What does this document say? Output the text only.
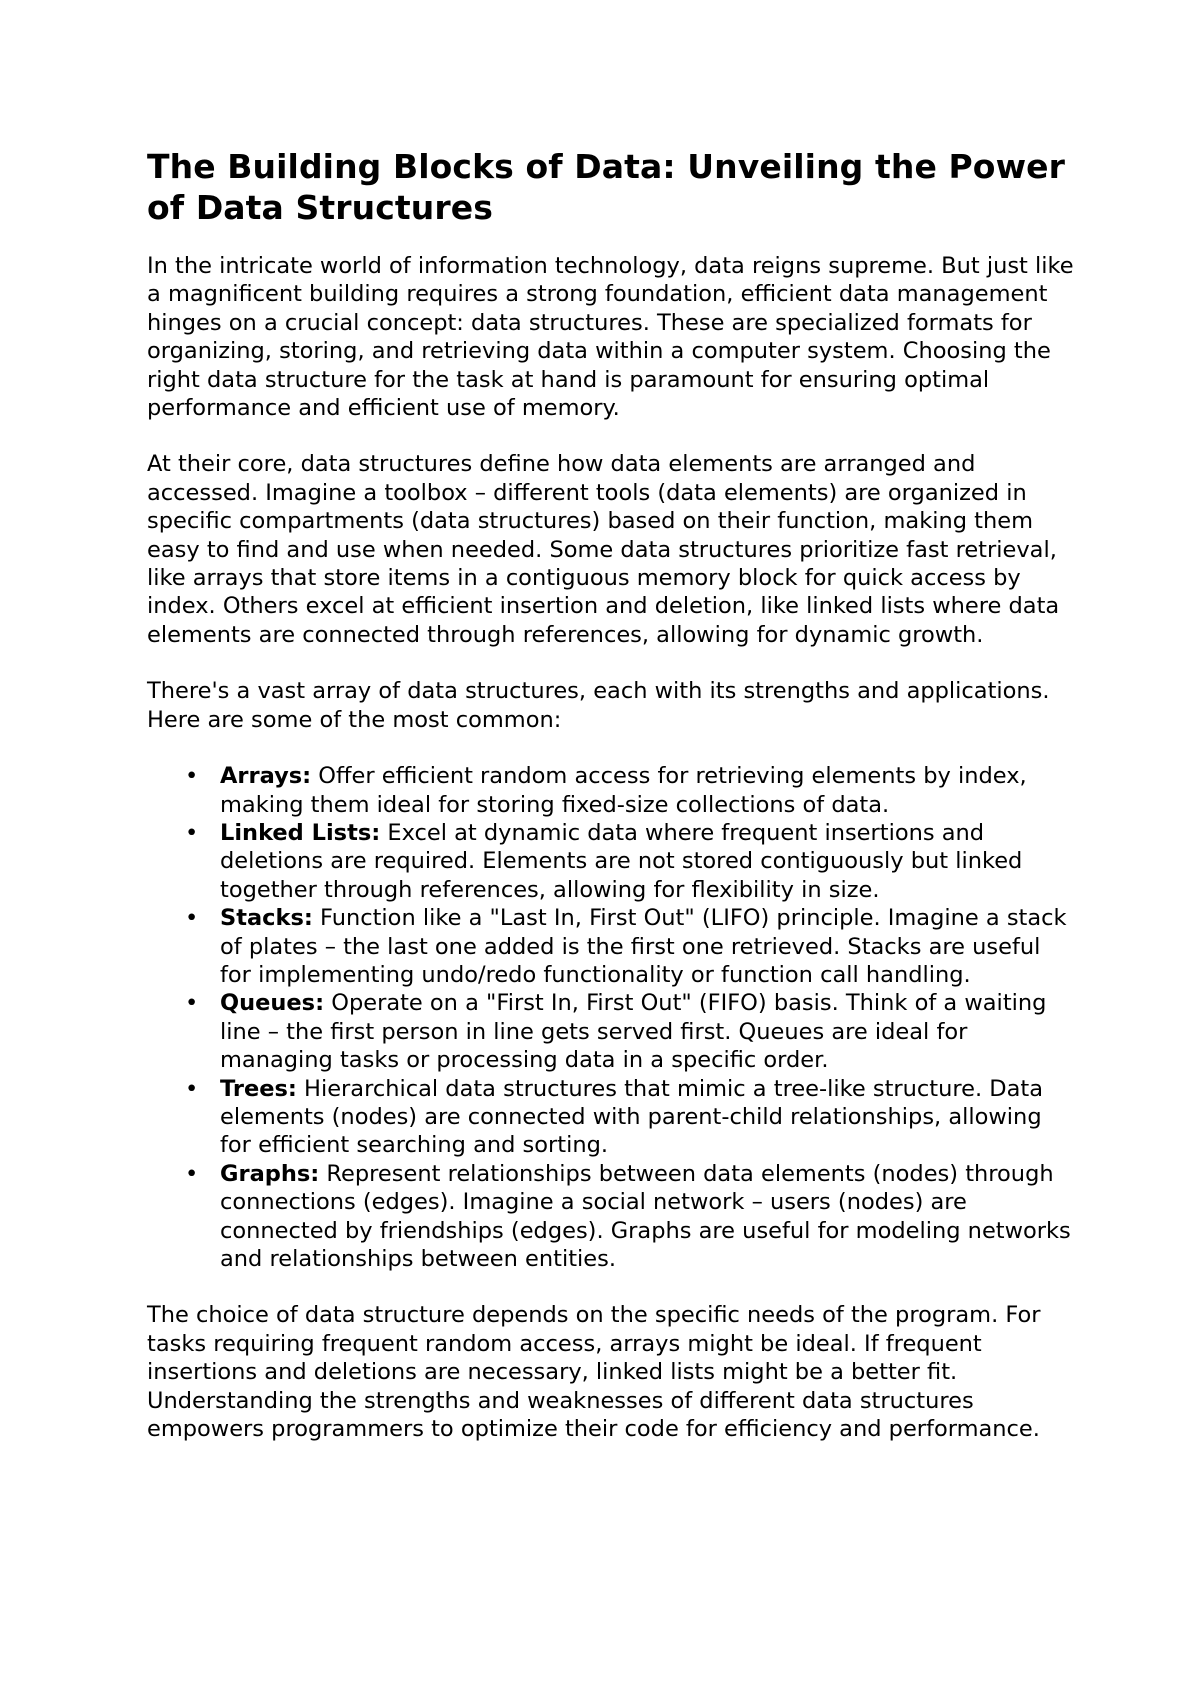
The Building Blocks of Data: Unveiling the Power of Data Structures

In the intricate world of information technology, data reigns supreme. But just like a magnificent building requires a strong foundation, efficient data management hinges on a crucial concept: data structures. These are specialized formats for organizing, storing, and retrieving data within a computer system. Choosing the right data structure for the task at hand is paramount for ensuring optimal performance and efficient use of memory.

At their core, data structures define how data elements are arranged and accessed. Imagine a toolbox – different tools (data elements) are organized in specific compartments (data structures) based on their function, making them easy to find and use when needed. Some data structures prioritize fast retrieval, like arrays that store items in a contiguous memory block for quick access by index. Others excel at efficient insertion and deletion, like linked lists where data elements are connected through references, allowing for dynamic growth.

There's a vast array of data structures, each with its strengths and applications. Here are some of the most common:

• Arrays: Offer efficient random access for retrieving elements by index, making them ideal for storing fixed-size collections of data.
• Linked Lists: Excel at dynamic data where frequent insertions and deletions are required. Elements are not stored contiguously but linked together through references, allowing for flexibility in size.
• Stacks: Function like a "Last In, First Out" (LIFO) principle. Imagine a stack of plates – the last one added is the first one retrieved. Stacks are useful for implementing undo/redo functionality or function call handling.
• Queues: Operate on a "First In, First Out" (FIFO) basis. Think of a waiting line – the first person in line gets served first. Queues are ideal for managing tasks or processing data in a specific order.
• Trees: Hierarchical data structures that mimic a tree-like structure. Data elements (nodes) are connected with parent-child relationships, allowing for efficient searching and sorting.
• Graphs: Represent relationships between data elements (nodes) through connections (edges). Imagine a social network – users (nodes) are connected by friendships (edges). Graphs are useful for modeling networks and relationships between entities.

The choice of data structure depends on the specific needs of the program. For tasks requiring frequent random access, arrays might be ideal. If frequent insertions and deletions are necessary, linked lists might be a better fit. Understanding the strengths and weaknesses of different data structures empowers programmers to optimize their code for efficiency and performance.
